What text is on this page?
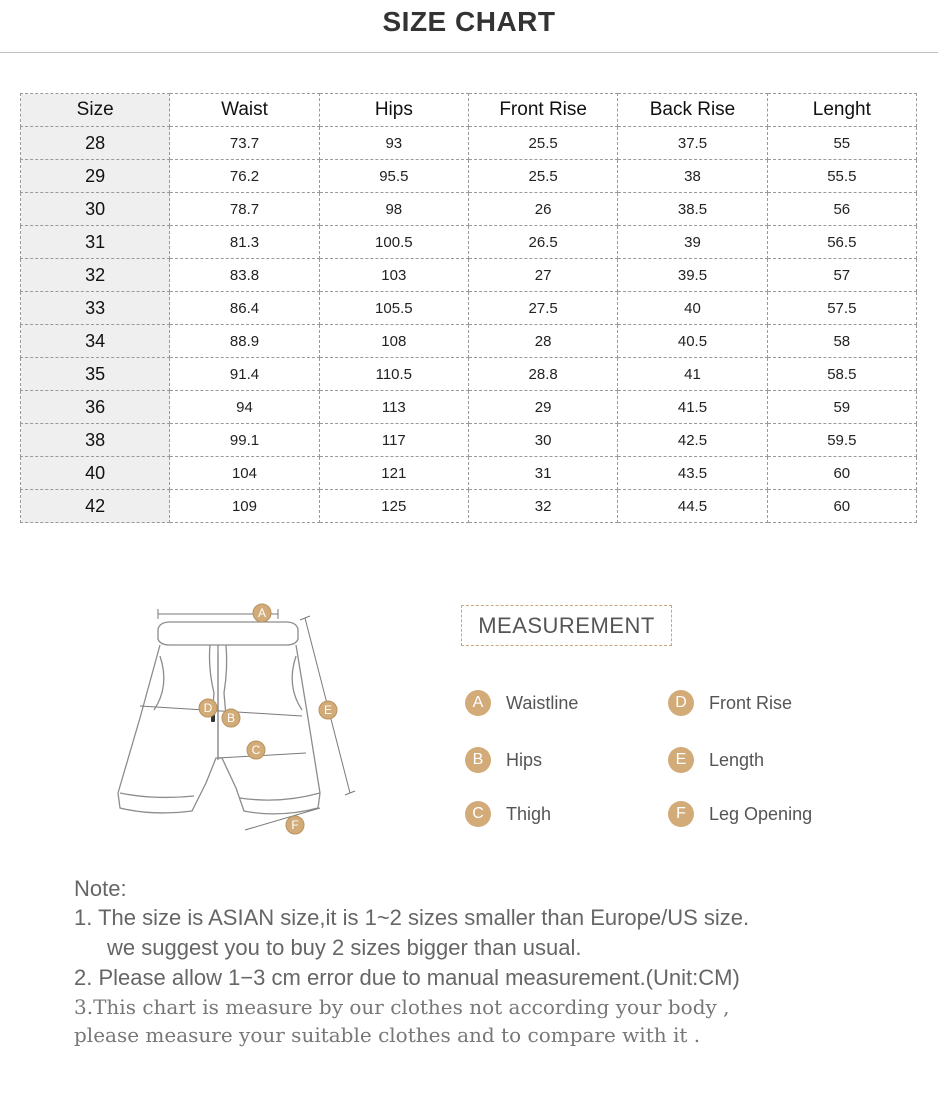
SIZE CHART
Size	Waist	Hips	Front Rise	Back Rise	Lenght
28	73.7	93	25.5	37.5	55
29	76.2	95.5	25.5	38	55.5
30	78.7	98	26	38.5	56
31	81.3	100.5	26.5	39	56.5
32	83.8	103	27	39.5	57
33	86.4	105.5	27.5	40	57.5
34	88.9	108	28	40.5	58
35	91.4	110.5	28.8	41	58.5
36	94	113	29	41.5	59
38	99.1	117	30	42.5	59.5
40	104	121	31	43.5	60
42	109	125	32	44.5	60
A
B
C
D	E
F
MEASUREMENT
A	Waistline
B	Hips
C	Thigh
D	Front Rise
E	Length
F	Leg Opening
Note:
1. The size is ASIAN size,it is 1~2 sizes smaller than Europe/US size.
we suggest you to buy 2 sizes bigger than usual.
2. Please allow 1−3 cm error due to manual measurement.(Unit:CM)
3.This chart is measure by our clothes not according your body ,
please measure your suitable clothes and to compare with it .
